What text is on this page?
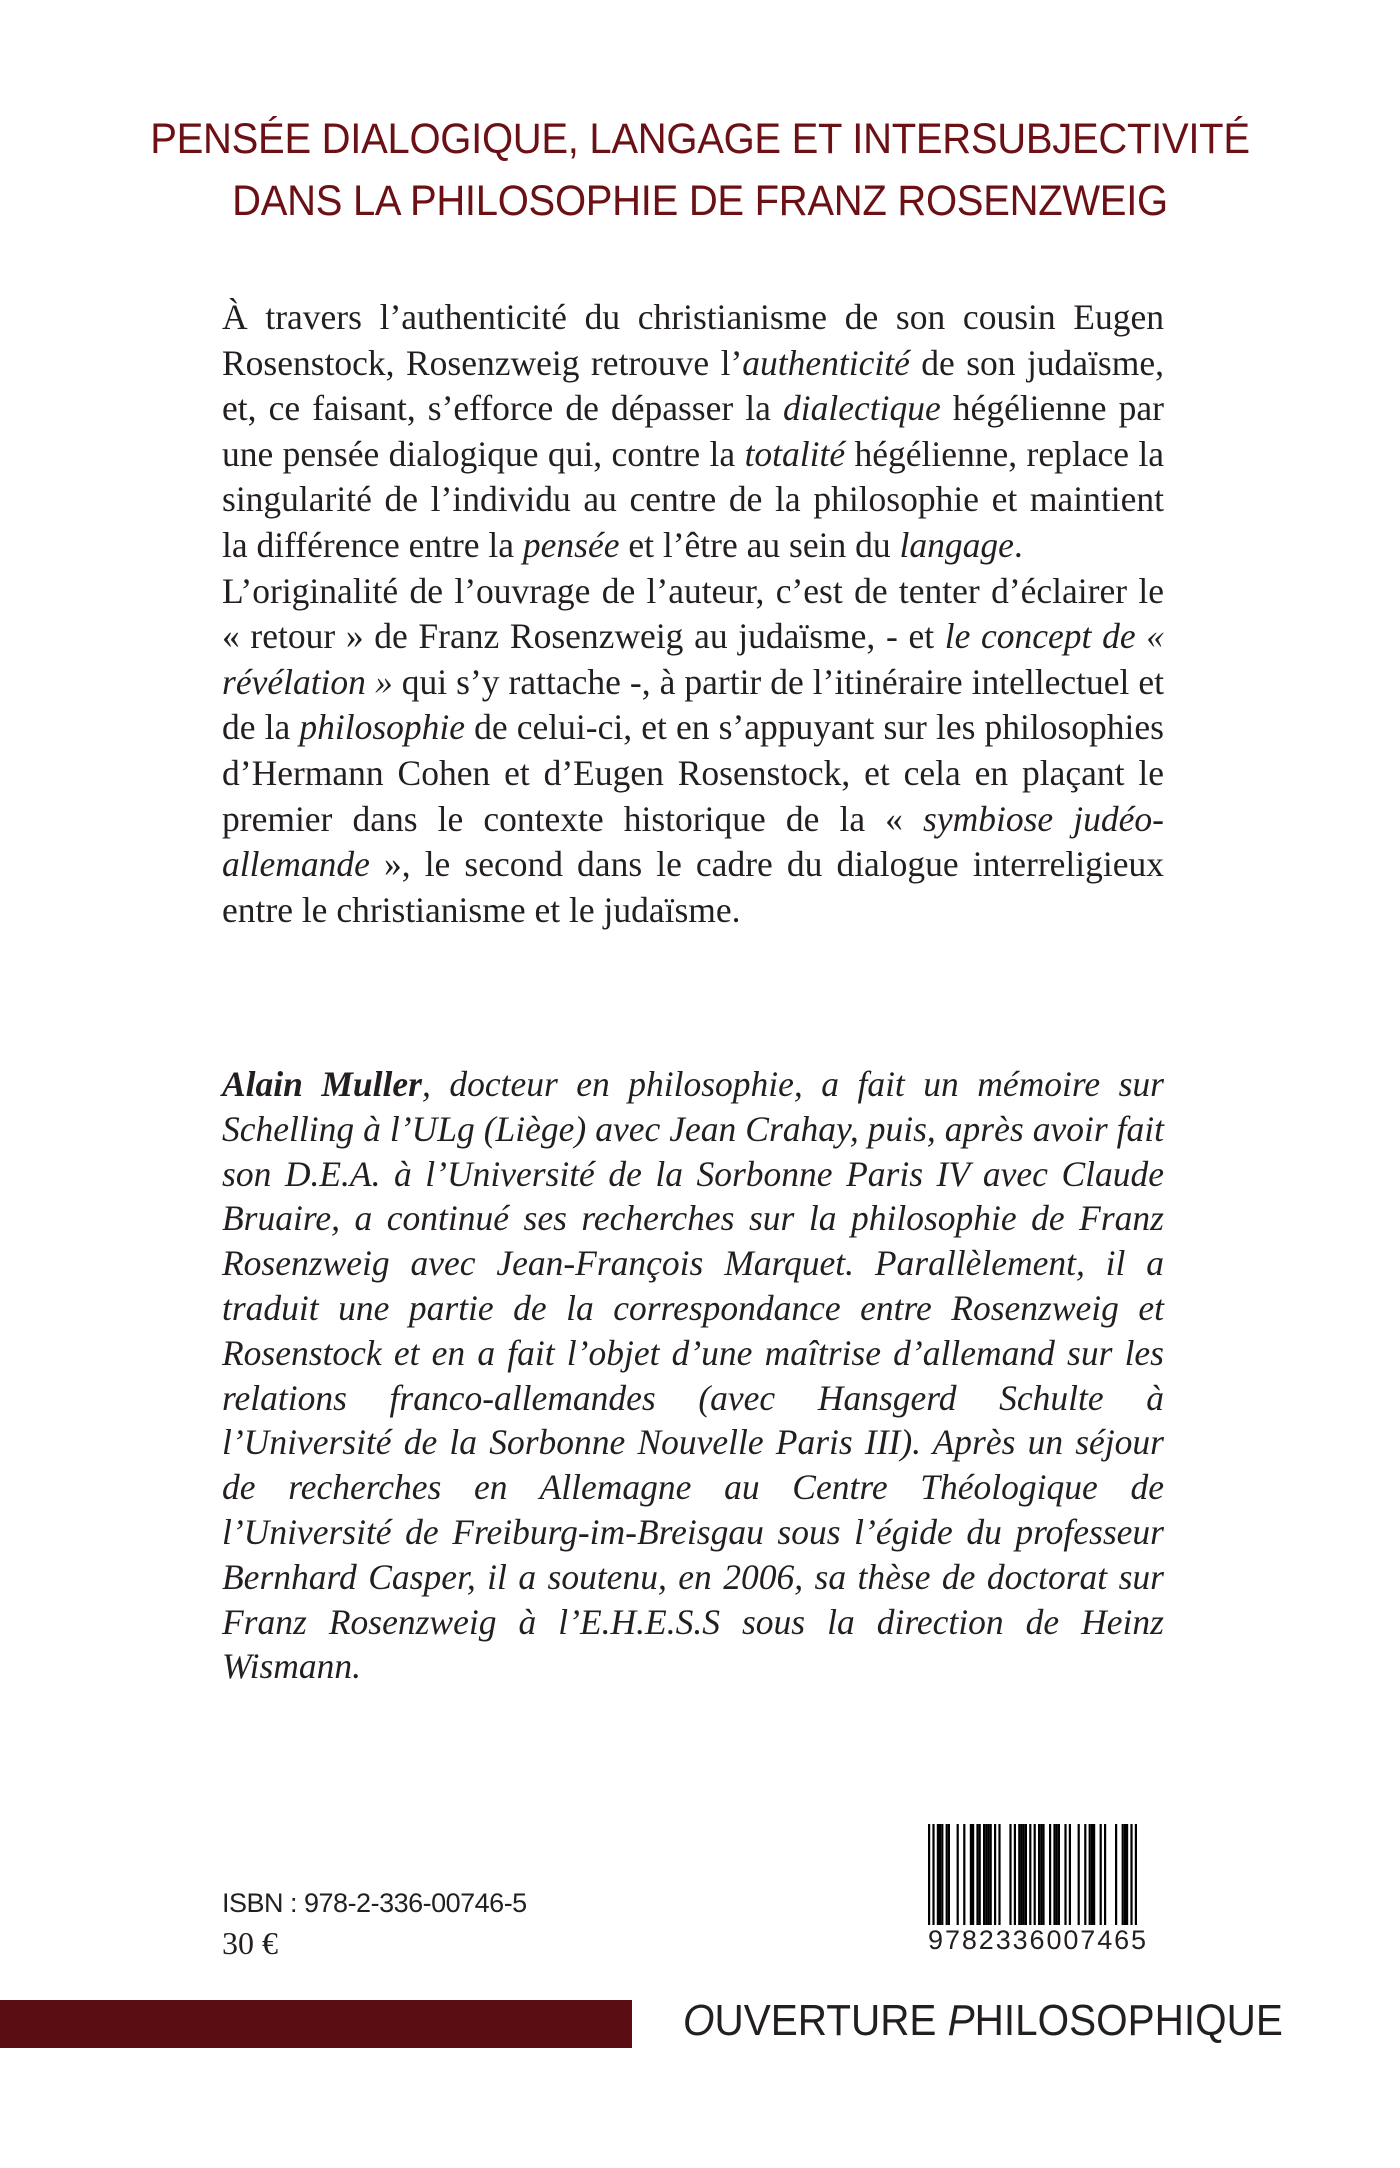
PENSÉE DIALOGIQUE, LANGAGE ET INTERSUBJECTIVITÉ
DANS LA PHILOSOPHIE DE FRANZ ROSENZWEIG

À travers l’authenticité du christianisme de son cousin Eugen Rosenstock, Rosenzweig retrouve l’authenticité de son judaïsme, et, ce faisant, s’efforce de dépasser la dialectique hégélienne par une pensée dialogique qui, contre la totalité hégélienne, replace la singularité de l’individu au centre de la philosophie et maintient la différence entre la pensée et l’être au sein du langage.

L’originalité de l’ouvrage de l’auteur, c’est de tenter d’éclairer le « retour » de Franz Rosenzweig au judaïsme, - et le concept de « révélation » qui s’y rattache -, à partir de l’itinéraire intellectuel et de la philosophie de celui-ci, et en s’appuyant sur les philosophies d’Hermann Cohen et d’Eugen Rosenstock, et cela en plaçant le premier dans le contexte historique de la « symbiose judéo-allemande », le second dans le cadre du dialogue interreligieux entre le christianisme et le judaïsme.

Alain Muller, docteur en philosophie, a fait un mémoire sur Schelling à l’ULg (Liège) avec Jean Crahay, puis, après avoir fait son D.E.A. à l’Université de la Sorbonne Paris IV avec Claude Bruaire, a continué ses recherches sur la philosophie de Franz Rosenzweig avec Jean-François Marquet. Parallèlement, il a traduit une partie de la correspondance entre Rosenzweig et Rosenstock et en a fait l’objet d’une maîtrise d’allemand sur les relations franco-allemandes (avec Hansgerd Schulte à l’Université de la Sorbonne Nouvelle Paris III). Après un séjour de recherches en Allemagne au Centre Théologique de l’Université de Freiburg-im-Breisgau sous l’égide du professeur Bernhard Casper, il a soutenu, en 2006, sa thèse de doctorat sur Franz Rosenzweig à l’E.H.E.S.S sous la direction de Heinz Wismann.
ISBN : 978-2-336-00746-5
30 €	9782336007465
OUVERTURE PHILOSOPHIQUE
